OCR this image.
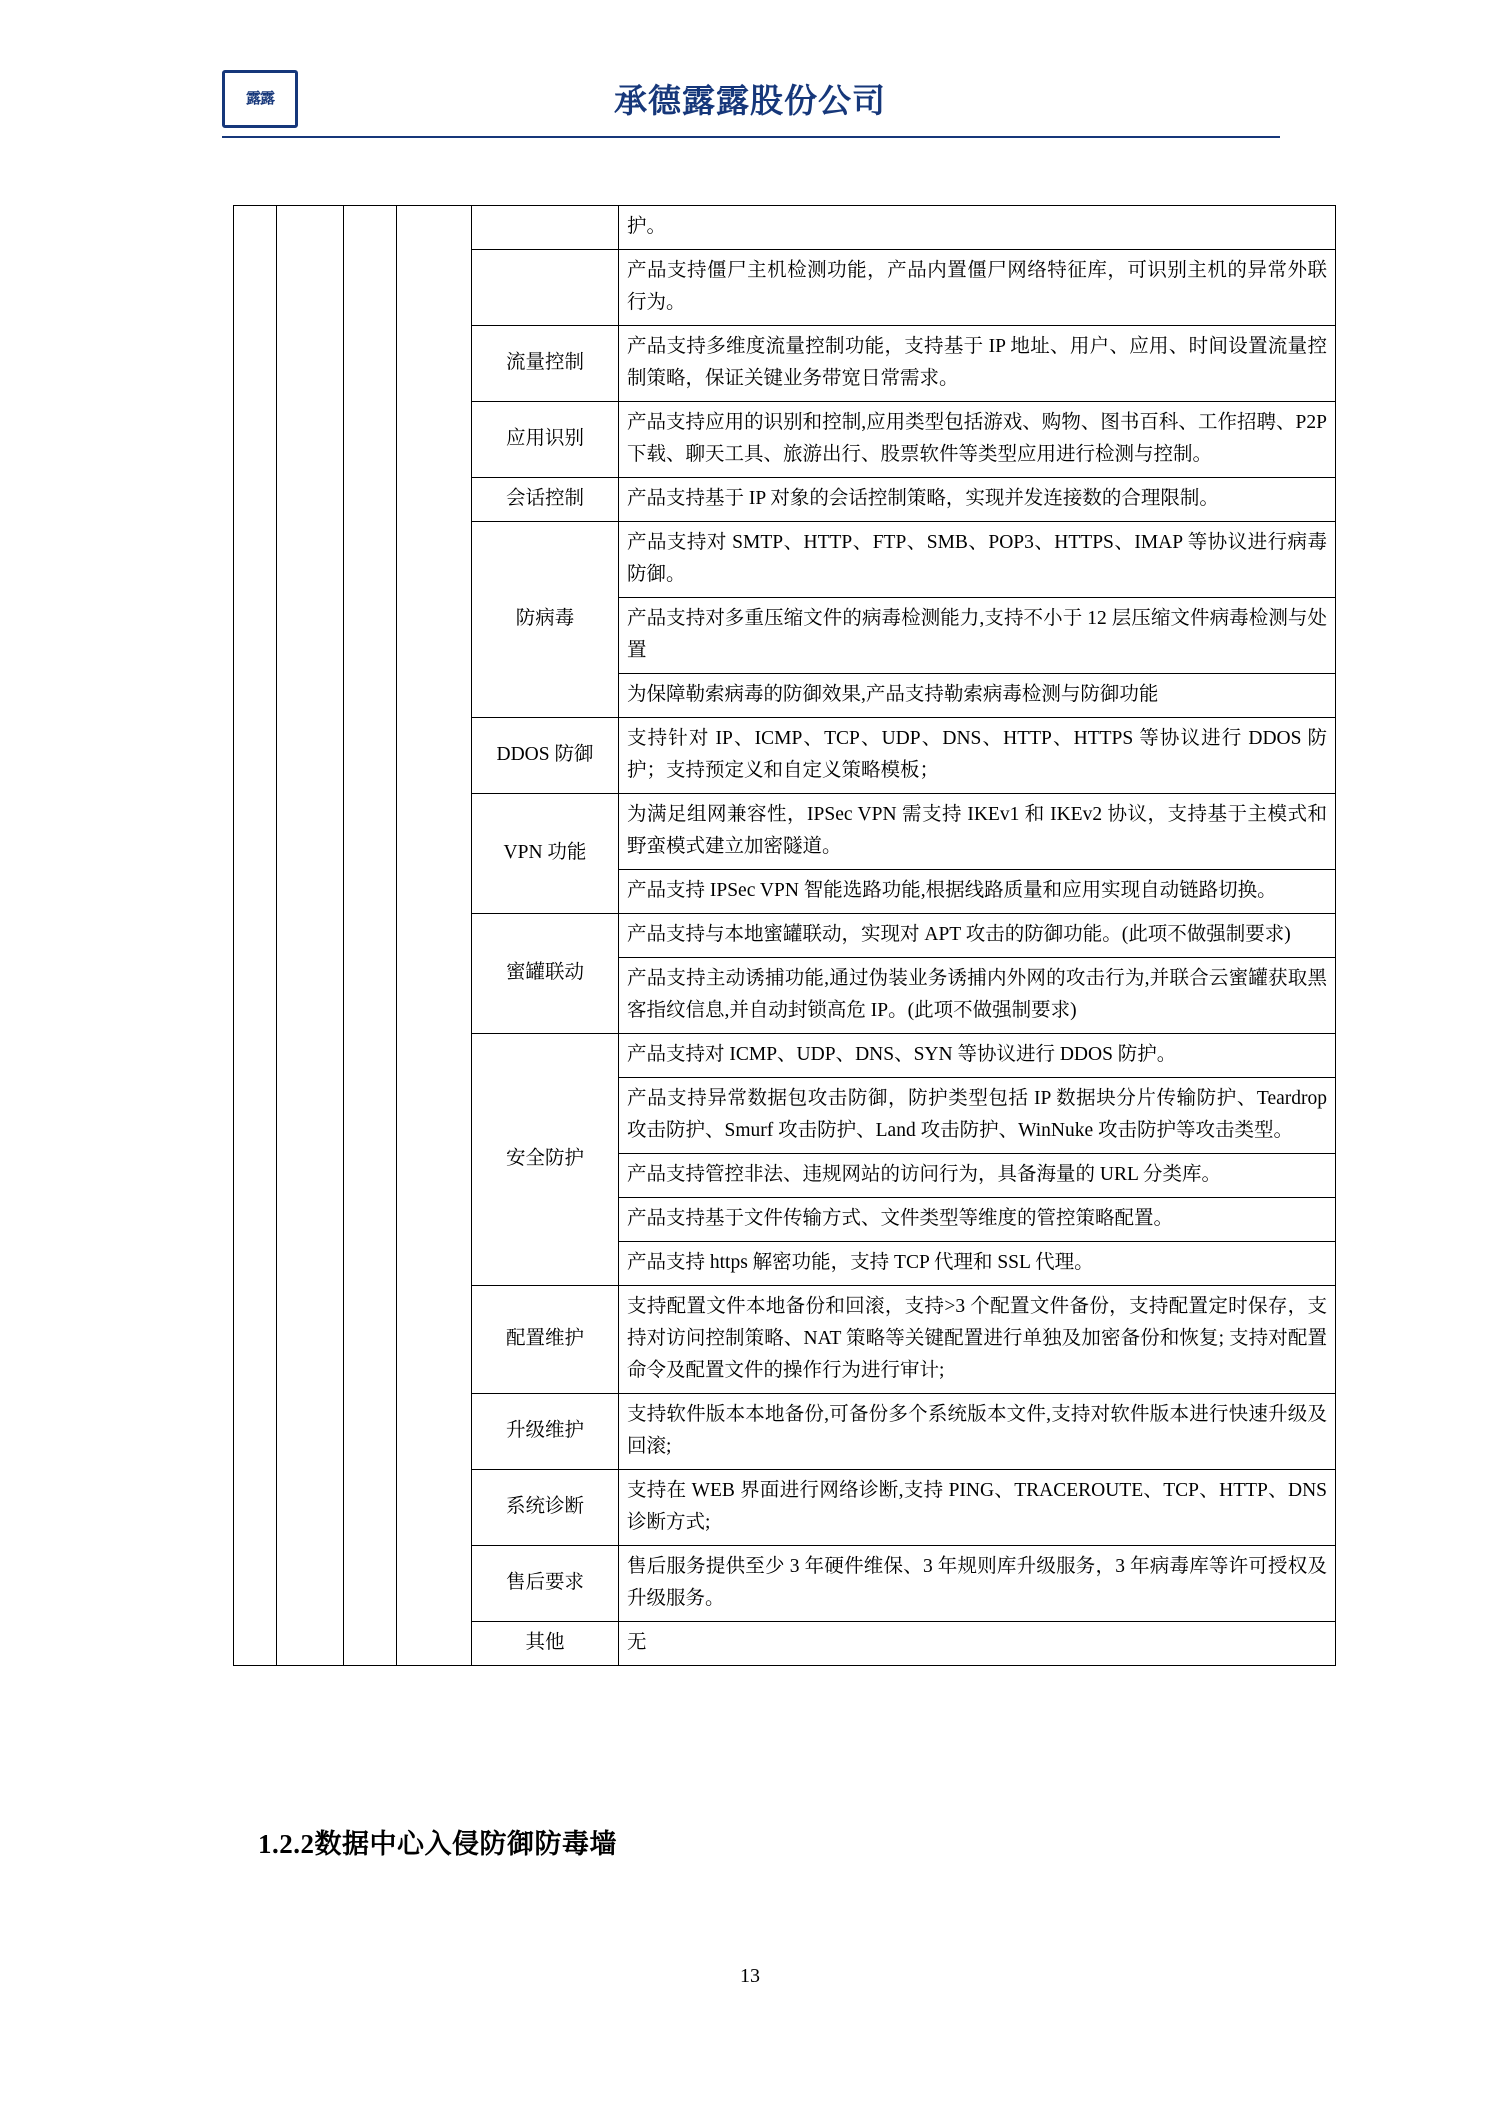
露露	承德露露股份公司
					护。
					产品支持僵尸主机检测功能，产品内置僵尸网络特征库，可识别主机的异常外联行为。
				流量控制	产品支持多维度流量控制功能，支持基于 IP 地址、用户、应用、时间设置流量控制策略，保证关键业务带宽日常需求。
				应用识别	产品支持应用的识别和控制,应用类型包括游戏、购物、图书百科、工作招聘、P2P 下载、聊天工具、旅游出行、股票软件等类型应用进行检测与控制。
				会话控制	产品支持基于 IP 对象的会话控制策略，实现并发连接数的合理限制。
				防病毒	产品支持对 SMTP、HTTP、FTP、SMB、POP3、HTTPS、IMAP 等协议进行病毒防御。
					产品支持对多重压缩文件的病毒检测能力,支持不小于 12 层压缩文件病毒检测与处置
					为保障勒索病毒的防御效果,产品支持勒索病毒检测与防御功能
				DDOS 防御	支持针对 IP、ICMP、TCP、UDP、DNS、HTTP、HTTPS 等协议进行 DDOS 防护；支持预定义和自定义策略模板；
				VPN 功能	为满足组网兼容性，IPSec VPN 需支持 IKEv1 和 IKEv2 协议，支持基于主模式和野蛮模式建立加密隧道。
					产品支持 IPSec VPN 智能选路功能,根据线路质量和应用实现自动链路切换。
				蜜罐联动	产品支持与本地蜜罐联动，实现对 APT 攻击的防御功能。(此项不做强制要求)
					产品支持主动诱捕功能,通过伪装业务诱捕内外网的攻击行为,并联合云蜜罐获取黑客指纹信息,并自动封锁高危 IP。(此项不做强制要求)
				安全防护	产品支持对 ICMP、UDP、DNS、SYN 等协议进行 DDOS 防护。
					产品支持异常数据包攻击防御，防护类型包括 IP 数据块分片传输防护、Teardrop 攻击防护、Smurf 攻击防护、Land 攻击防护、WinNuke 攻击防护等攻击类型。
					产品支持管控非法、违规网站的访问行为，具备海量的 URL 分类库。
					产品支持基于文件传输方式、文件类型等维度的管控策略配置。
					产品支持 https 解密功能，支持 TCP 代理和 SSL 代理。
				配置维护	支持配置文件本地备份和回滚，支持>3 个配置文件备份，支持配置定时保存，支持对访问控制策略、NAT 策略等关键配置进行单独及加密备份和恢复; 支持对配置命令及配置文件的操作行为进行审计;
				升级维护	支持软件版本本地备份,可备份多个系统版本文件,支持对软件版本进行快速升级及回滚;
				系统诊断	支持在 WEB 界面进行网络诊断,支持 PING、TRACEROUTE、TCP、HTTP、DNS 诊断方式;
				售后要求	售后服务提供至少 3 年硬件维保、3 年规则库升级服务，3 年病毒库等许可授权及升级服务。
				其他	无
1.2.2数据中心入侵防御防毒墙
13
